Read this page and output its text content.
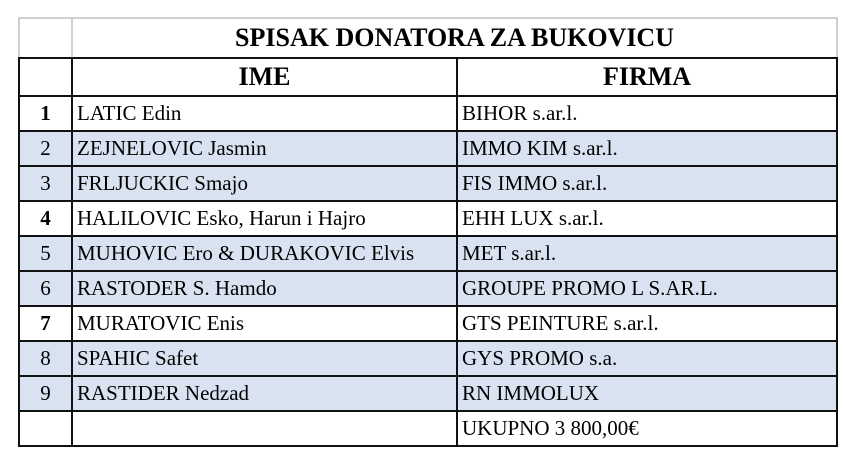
	SPISAK DONATORA ZA BUKOVICU	
	IME	FIRMA
1	LATIC Edin	BIHOR s.ar.l.
2	ZEJNELOVIC Jasmin	IMMO KIM s.ar.l.
3	FRLJUCKIC Smajo	FIS IMMO s.ar.l.
4	HALILOVIC Esko, Harun i Hajro	EHH LUX s.ar.l.
5	MUHOVIC Ero & DURAKOVIC Elvis	MET s.ar.l.
6	RASTODER S. Hamdo	GROUPE PROMO L S.AR.L.
7	MURATOVIC Enis	GTS PEINTURE s.ar.l.
8	SPAHIC Safet	GYS PROMO s.a.
9	RASTIDER Nedzad	RN IMMOLUX
		UKUPNO 3 800,00€
